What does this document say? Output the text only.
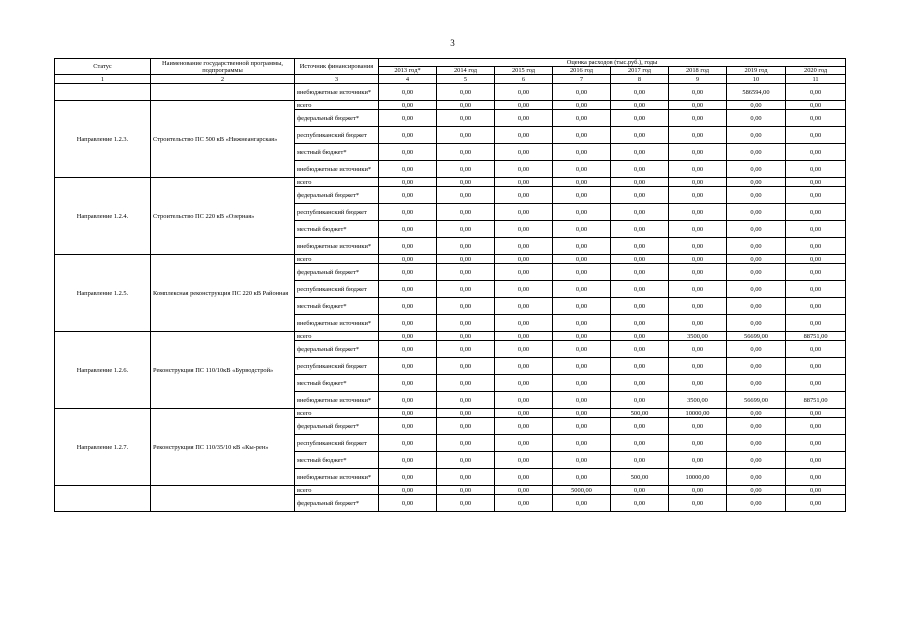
3
Статус	Наименование государственной программы, подпрограммы	Источник финансирования	Оценка расходов (тыс.руб.), годы							
			2013 год*	2014 год	2015 год	2016 год	2017 год	2018 год	2019 год	2020 год
1	2	3	4	5	6	7	8	9	10	11
		внебюджетные источники*	0,00	0,00	0,00	0,00	0,00	0,00	586594,00	0,00
Направление 1.2.3.	Строительство ПС 500 кВ «Нижнеангарская»	всего	0,00	0,00	0,00	0,00	0,00	0,00	0,00	0,00
		федеральный бюджет*	0,00	0,00	0,00	0,00	0,00	0,00	0,00	0,00
		республиканский бюджет	0,00	0,00	0,00	0,00	0,00	0,00	0,00	0,00
		местный бюджет*	0,00	0,00	0,00	0,00	0,00	0,00	0,00	0,00
		внебюджетные источники*	0,00	0,00	0,00	0,00	0,00	0,00	0,00	0,00
Направление 1.2.4.	Строительство ПС 220 кВ «Озерная»	всего	0,00	0,00	0,00	0,00	0,00	0,00	0,00	0,00
		федеральный бюджет*	0,00	0,00	0,00	0,00	0,00	0,00	0,00	0,00
		республиканский бюджет	0,00	0,00	0,00	0,00	0,00	0,00	0,00	0,00
		местный бюджет*	0,00	0,00	0,00	0,00	0,00	0,00	0,00	0,00
		внебюджетные источники*	0,00	0,00	0,00	0,00	0,00	0,00	0,00	0,00
Направление 1.2.5.	Комплексная реконструкция ПС 220 кВ Районная	всего	0,00	0,00	0,00	0,00	0,00	0,00	0,00	0,00
		федеральный бюджет*	0,00	0,00	0,00	0,00	0,00	0,00	0,00	0,00
		республиканский бюджет	0,00	0,00	0,00	0,00	0,00	0,00	0,00	0,00
		местный бюджет*	0,00	0,00	0,00	0,00	0,00	0,00	0,00	0,00
		внебюджетные источники*	0,00	0,00	0,00	0,00	0,00	0,00	0,00	0,00
Направление 1.2.6.	Реконструкция ПС 110/10кВ «Бурводстрой»	всего	0,00	0,00	0,00	0,00	0,00	3500,00	56699,00	88751,00
		федеральный бюджет*	0,00	0,00	0,00	0,00	0,00	0,00	0,00	0,00
		республиканский бюджет	0,00	0,00	0,00	0,00	0,00	0,00	0,00	0,00
		местный бюджет*	0,00	0,00	0,00	0,00	0,00	0,00	0,00	0,00
		внебюджетные источники*	0,00	0,00	0,00	0,00	0,00	3500,00	56699,00	88751,00
Направление 1.2.7.	Реконструкция ПС 110/35/10 кВ «Кы-рен»	всего	0,00	0,00	0,00	0,00	500,00	10000,00	0,00	0,00
		федеральный бюджет*	0,00	0,00	0,00	0,00	0,00	0,00	0,00	0,00
		республиканский бюджет	0,00	0,00	0,00	0,00	0,00	0,00	0,00	0,00
		местный бюджет*	0,00	0,00	0,00	0,00	0,00	0,00	0,00	0,00
		внебюджетные источники*	0,00	0,00	0,00	0,00	500,00	10000,00	0,00	0,00
		всего	0,00	0,00	0,00	5000,00	0,00	0,00	0,00	0,00
		федеральный бюджет*	0,00	0,00	0,00	0,00	0,00	0,00	0,00	0,00
